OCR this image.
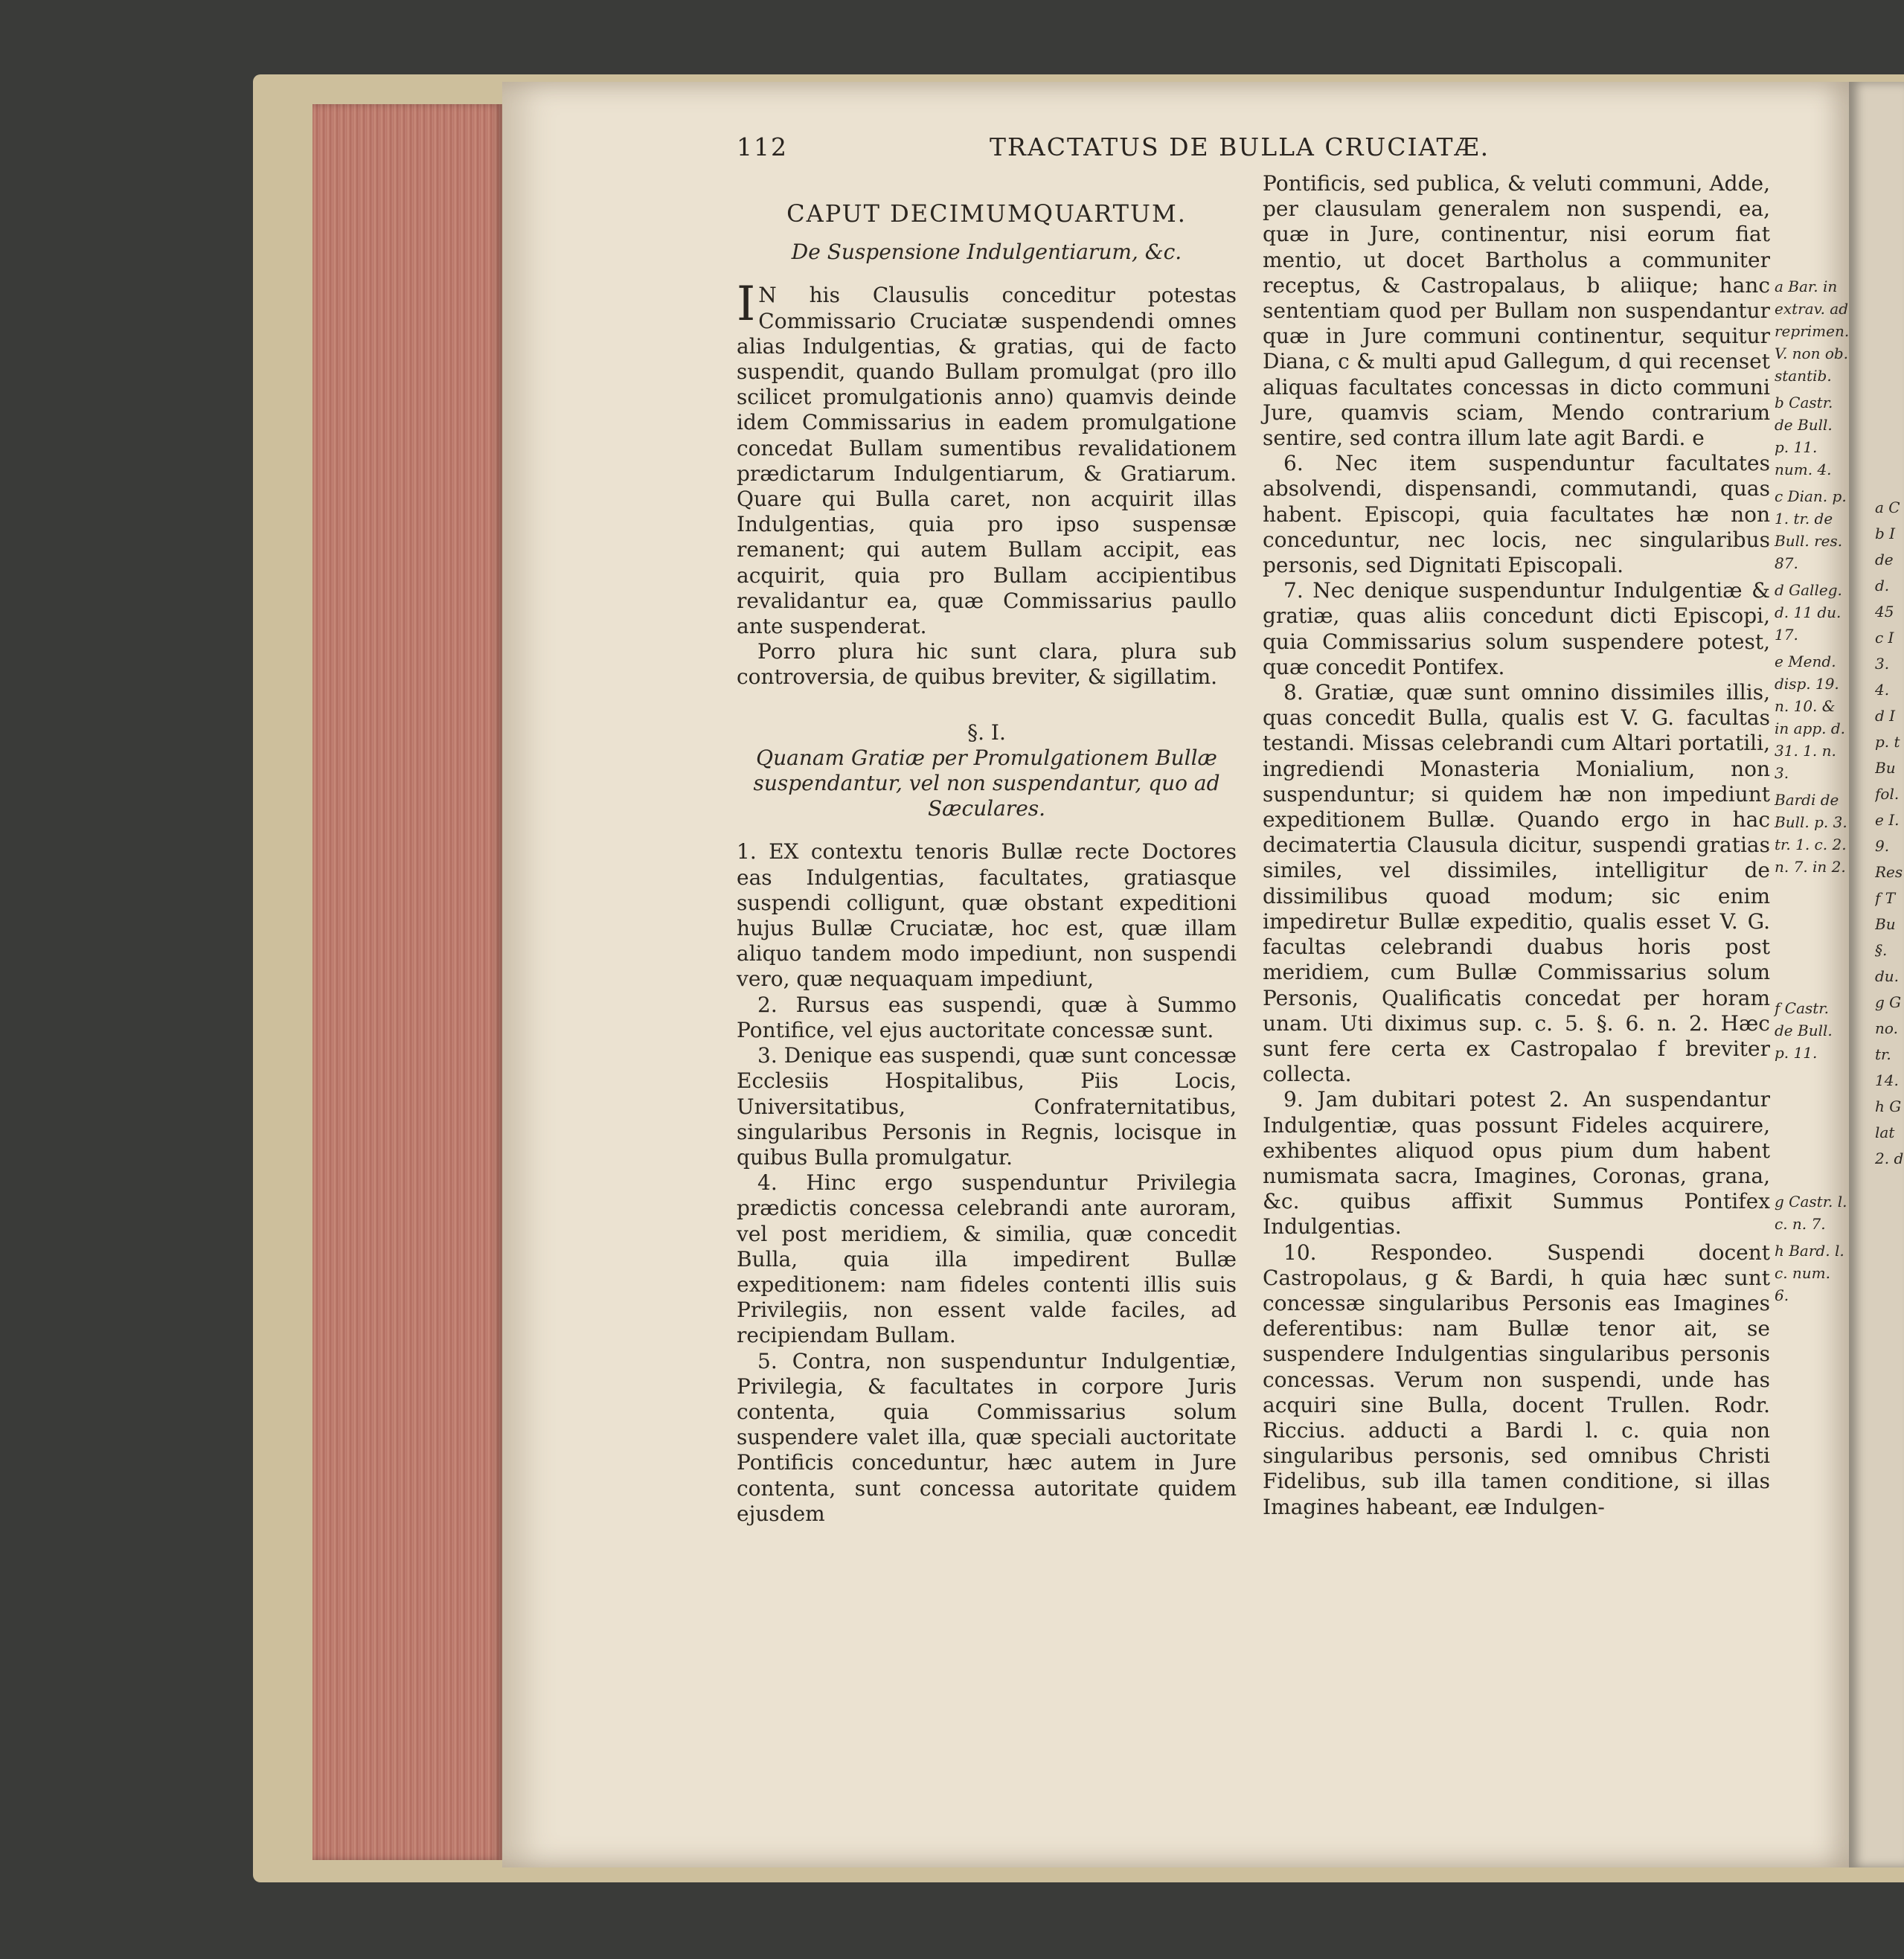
112	TRACTATUS DE BULLA CRUCIATÆ.

CAPUT DECIMUMQUARTUM.

De Suspensione Indulgentiarum, &c.

IN his Clausulis conceditur potestas Commissario Cruciatæ suspendendi omnes alias Indulgentias, & gratias, qui de facto suspendit, quando Bullam promulgat (pro illo scilicet promulgationis anno) quamvis deinde idem Commissarius in eadem promulgatione concedat Bullam sumentibus revalidationem prædictarum Indulgentiarum, & Gratiarum. Quare qui Bulla caret, non acquirit illas Indulgentias, quia pro ipso suspensæ remanent; qui autem Bullam accipit, eas acquirit, quia pro Bullam accipientibus revalidantur ea, quæ Commissarius paullo ante suspenderat.

Porro plura hic sunt clara, plura sub controversia, de quibus breviter, & sigillatim.

§. I.

Quanam Gratiæ per Promulgationem Bullæ suspendantur, vel non suspendantur, quo ad Sæculares.

1. EX contextu tenoris Bullæ recte Doctores eas Indulgentias, facultates, gratiasque suspendi colligunt, quæ obstant expeditioni hujus Bullæ Cruciatæ, hoc est, quæ illam aliquo tandem modo impediunt, non suspendi vero, quæ nequaquam impediunt,

2. Rursus eas suspendi, quæ à Summo Pontifice, vel ejus auctoritate concessæ sunt.

3. Denique eas suspendi, quæ sunt concessæ Ecclesiis Hospitalibus, Piis Locis, Universitatibus, Confraternitatibus, singularibus Personis in Regnis, locisque in quibus Bulla promulgatur.

4. Hinc ergo suspenduntur Privilegia prædictis concessa celebrandi ante auroram, vel post meridiem, & similia, quæ concedit Bulla, quia illa impedirent Bullæ expeditionem: nam fideles contenti illis suis Privilegiis, non essent valde faciles, ad recipiendam Bullam.

5. Contra, non suspenduntur Indulgentiæ, Privilegia, & facultates in corpore Juris contenta, quia Commissarius solum suspendere valet illa, quæ speciali auctoritate Pontificis conceduntur, hæc autem in Jure contenta, sunt concessa autoritate quidem ejusdem

Pontificis, sed publica, & veluti communi, Adde, per clausulam generalem non suspendi, ea, quæ in Jure, continentur, nisi eorum fiat mentio, ut docet Bartholus a communiter receptus, & Castropalaus, b aliique; hanc sententiam quod per Bullam non suspendantur quæ in Jure communi continentur, sequitur Diana, c & multi apud Gallegum, d qui recenset aliquas facultates concessas in dicto communi Jure, quamvis sciam, Mendo contrarium sentire, sed contra illum late agit Bardi. e

6. Nec item suspenduntur facultates absolvendi, dispensandi, commutandi, quas habent. Episcopi, quia facultates hæ non conceduntur, nec locis, nec singularibus personis, sed Dignitati Episcopali.

7. Nec denique suspenduntur Indulgentiæ & gratiæ, quas aliis concedunt dicti Episcopi, quia Commissarius solum suspendere potest, quæ concedit Pontifex.

8. Gratiæ, quæ sunt omnino dissimiles illis, quas concedit Bulla, qualis est V. G. facultas testandi. Missas celebrandi cum Altari portatili, ingrediendi Monasteria Monialium, non suspenduntur; si quidem hæ non impediunt expeditionem Bullæ. Quando ergo in hac decimatertia Clausula dicitur, suspendi gratias similes, vel dissimiles, intelligitur de dissimilibus quoad modum; sic enim impediretur Bullæ expeditio, qualis esset V. G. facultas celebrandi duabus horis post meridiem, cum Bullæ Commissarius solum Personis, Qualificatis concedat per horam unam. Uti diximus sup. c. 5. §. 6. n. 2. Hæc sunt fere certa ex Castropalao f breviter collecta.

9. Jam dubitari potest 2. An suspendantur Indulgentiæ, quas possunt Fideles acquirere, exhibentes aliquod opus pium dum habent numismata sacra, Imagines, Coronas, grana, &c. quibus affixit Summus Pontifex Indulgentias.

10. Respondeo. Suspendi docent Castropolaus, g & Bardi, h quia hæc sunt concessæ singularibus Personis eas Imagines deferentibus: nam Bullæ tenor ait, se suspendere Indulgentias singularibus personis concessas. Verum non suspendi, unde has acquiri sine Bulla, docent Trullen. Rodr. Riccius. adducti a Bardi l. c. quia non singularibus personis, sed omnibus Christi Fidelibus, sub illa tamen conditione, si illas Imagines habeant, eæ Indulgen-

a Bar. in extrav. ad reprimen. V. non ob. stantib.
b Castr. de Bull. p. 11. num. 4.
c Dian. p. 1. tr. de Bull. res. 87.
d Galleg. d. 11 du. 17.
e Mend. disp. 19. n. 10. & in app. d. 31. 1. n. 3.
Bardi de Bull. p. 3. tr. 1. c. 2. n. 7. in 2.
f Castr. de Bull. p. 11.
g Castr. l. c. n. 7.
h Bard. l. c. num. 6.
a C
b I
de
d.
45
c I
3.
4.
d I
p. t
Bu
fol.
e I.
9.
Res
f T
Bu
§.
du.
g G
no.
tr.
14.
h G
lat
2. d
